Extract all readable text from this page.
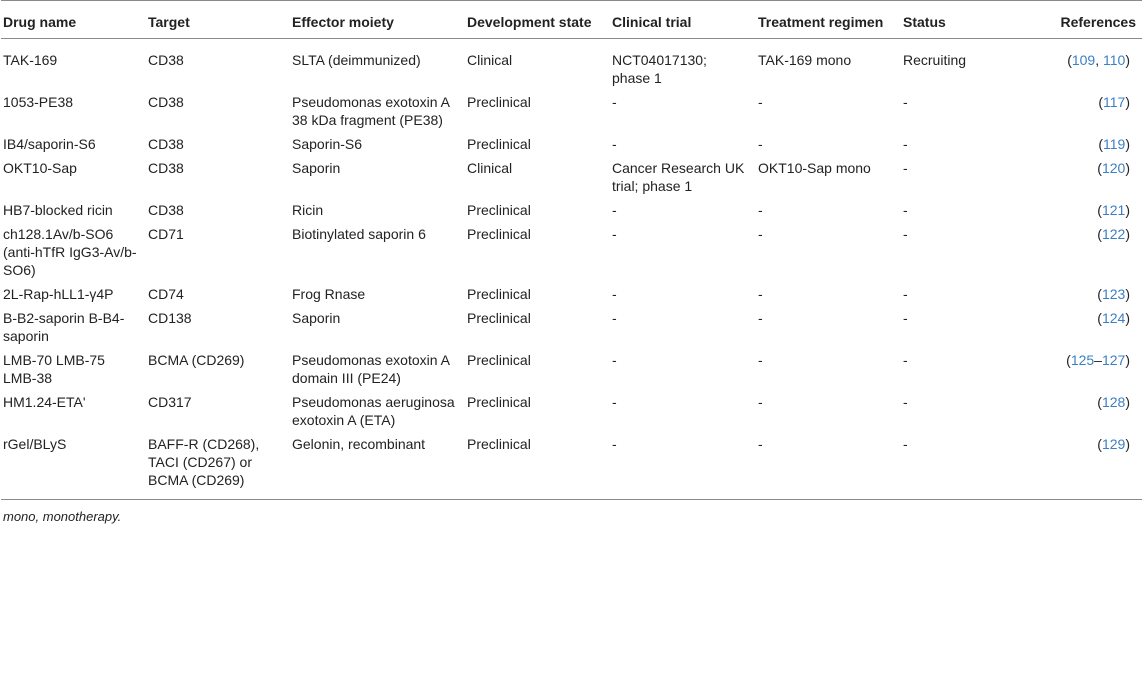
Drug name	Target	Effector moiety	Development state	Clinical trial	Treatment regimen	Status	References
TAK-169	CD38	SLTA (deimmunized)	Clinical	NCT04017130; phase 1	TAK-169 mono	Recruiting	(109, 110)
1053-PE38	CD38	Pseudomonas exotoxin A 38 kDa fragment (PE38)	Preclinical	-	-	-	(117)
IB4/saporin-S6	CD38	Saporin-S6	Preclinical	-	-	-	(119)
OKT10-Sap	CD38	Saporin	Clinical	Cancer Research UK trial; phase 1	OKT10-Sap mono	-	(120)
HB7-blocked ricin	CD38	Ricin	Preclinical	-	-	-	(121)
ch128.1Av/b-SO6 (anti-hTfR IgG3-Av/b-SO6)	CD71	Biotinylated saporin 6	Preclinical	-	-	-	(122)
2L-Rap-hLL1-γ4P	CD74	Frog Rnase	Preclinical	-	-	-	(123)
B-B2-saporin B-B4-saporin	CD138	Saporin	Preclinical	-	-	-	(124)
LMB-70 LMB-75 LMB-38	BCMA (CD269)	Pseudomonas exotoxin A domain III (PE24)	Preclinical	-	-	-	(125–127)
HM1.24-ETA'	CD317	Pseudomonas aeruginosa exotoxin A (ETA)	Preclinical	-	-	-	(128)
rGel/BLyS	BAFF-R (CD268), TACI (CD267) or BCMA (CD269)	Gelonin, recombinant	Preclinical	-	-	-	(129)
mono, monotherapy.
